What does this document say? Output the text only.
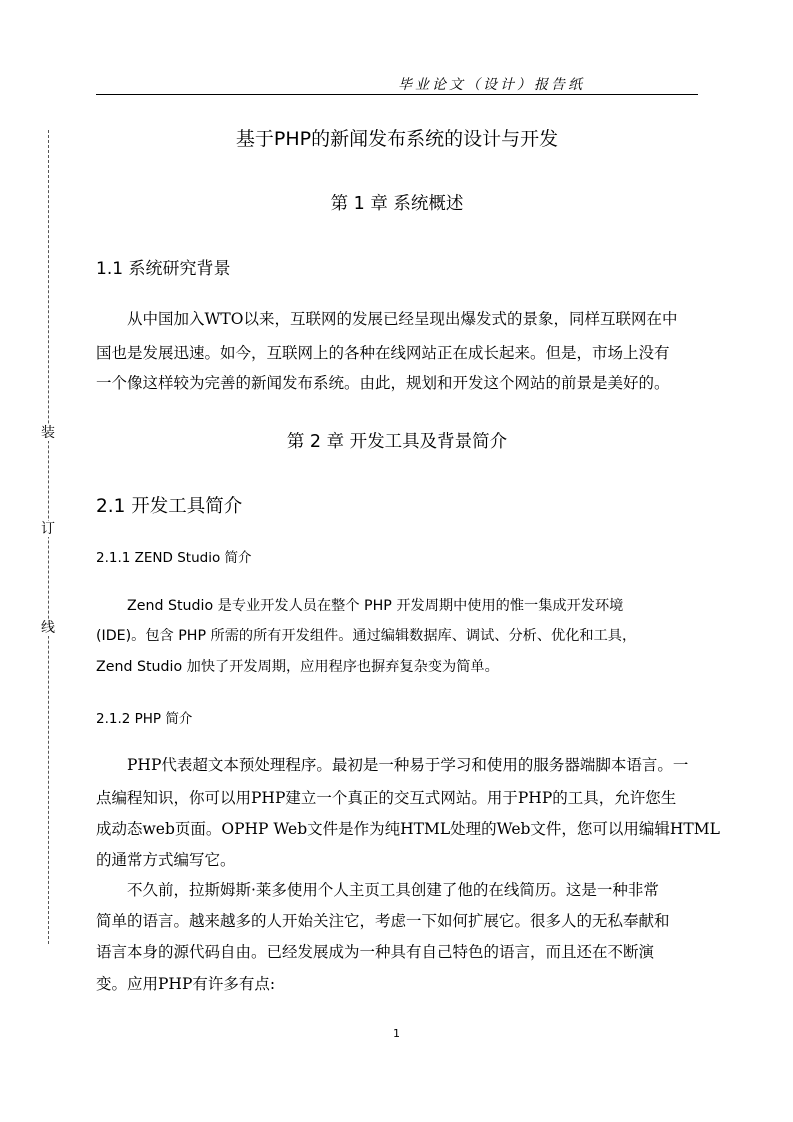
毕业论文（设计）报告纸
装
订
线
基于PHP的新闻发布系统的设计与开发
第 1 章 系统概述
1.1 系统研究背景
从中国加入WTO以来，互联网的发展已经呈现出爆发式的景象，同样互联网在中
国也是发展迅速。如今，互联网上的各种在线网站正在成长起来。但是，市场上没有
一个像这样较为完善的新闻发布系统。由此，规划和开发这个网站的前景是美好的。
第 2 章 开发工具及背景简介
2.1 开发工具简介
2.1.1 ZEND Studio 简介
Zend Studio 是专业开发人员在整个 PHP 开发周期中使用的惟一集成开发环境
(IDE)。包含 PHP 所需的所有开发组件。通过编辑数据库、调试、分析、优化和工具，
Zend Studio 加快了开发周期，应用程序也摒弃复杂变为简单。
2.1.2 PHP 简介
PHP代表超文本预处理程序。最初是一种易于学习和使用的服务器端脚本语言。一
点编程知识，你可以用PHP建立一个真正的交互式网站。用于PHP的工具，允许您生
成动态web页面。OPHP Web文件是作为纯HTML处理的Web文件，您可以用编辑HTML
的通常方式编写它。
不久前，拉斯姆斯·莱多使用个人主页工具创建了他的在线简历。这是一种非常
简单的语言。越来越多的人开始关注它，考虑一下如何扩展它。很多人的无私奉献和
语言本身的源代码自由。已经发展成为一种具有自己特色的语言，而且还在不断演
变。应用PHP有许多有点:
1
